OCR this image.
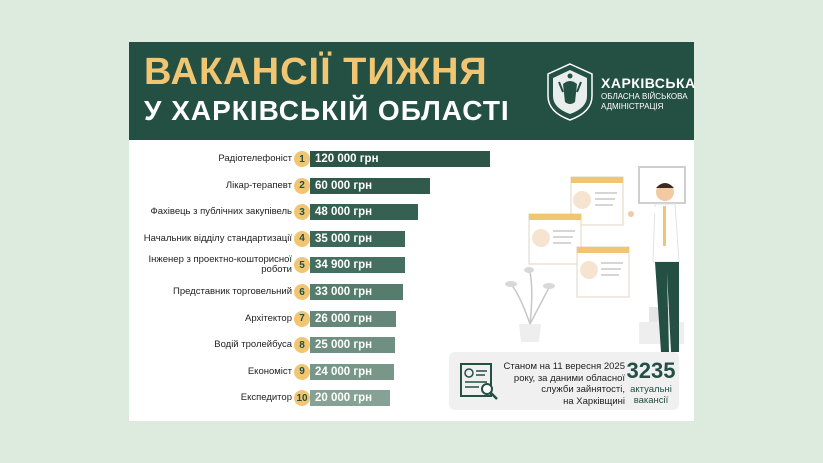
ВАКАНСІЇ ТИЖНЯ
У ХАРКІВСЬКІЙ ОБЛАСТІ
ХАРКІВСЬКА
ОБЛАСНА ВІЙСЬКОВА
АДМІНІСТРАЦІЯ
Радіотелефоніст 1 120 000 грн
Лікар-терапевт 2 60 000 грн
Фахівець з публічних закупівель 3 48 000 грн
Начальник відділу стандартизації 4 35 000 грн
Інженер з проектно-кошторисної роботи 5 34 900 грн
Представник торговельний 6 33 000 грн
Архітектор 7 26 000 грн
Водій тролейбуса 8 25 000 грн
Економіст 9 24 000 грн
Експедитор 10 20 000 грн
Станом на 11 вересня 2025
року, за даними обласної
служби зайнятості,
на Харківщині
3235
актуальні
вакансії
